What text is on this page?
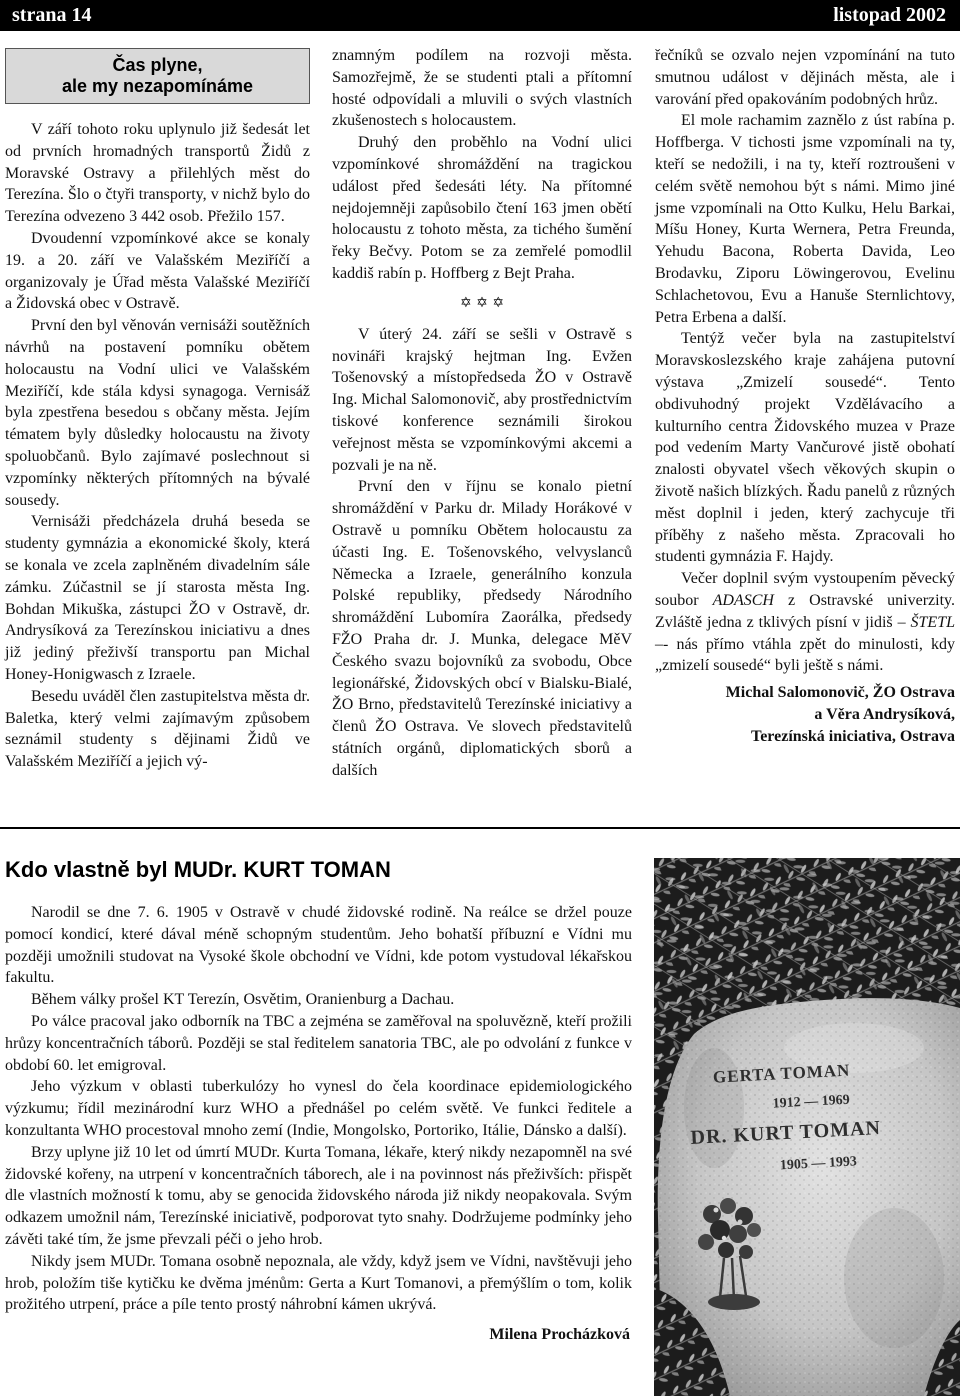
strana 14	listopad 2002
Čas plyne,
ale my nezapomínáme

V září tohoto roku uplynulo již šedesát let od prvních hromadných transportů Židů z Moravské Ostravy a přilehlých měst do Terezína. Šlo o čtyři transporty, v nichž bylo do Terezína odvezeno 3 442 osob. Přežilo 157.

Dvoudenní vzpomínkové akce se konaly 19. a 20. září ve Valašském Meziříčí a organizovaly je Úřad města Valašské Meziříčí a Židovská obec v Ostravě.

První den byl věnován vernisáži soutěžních návrhů na postavení pomníku obětem holocaustu na Vodní ulici ve Valašském Meziříčí, kde stála kdysi synagoga. Vernisáž byla zpestřena besedou s občany města. Jejím tématem byly důsledky holocaustu na životy spoluobčanů. Bylo zajímavé poslechnout si vzpomínky některých přítomných na bývalé sousedy.

Vernisáži předcházela druhá beseda se studenty gymnázia a ekonomické školy, která se konala ve zcela zaplněném divadelním sále zámku. Zúčastnil se jí starosta města Ing. Bohdan Mikuška, zástupci ŽO v Ostravě, dr. Andrysíková za Terezínskou iniciativu a dnes již jediný přeživší transportu pan Michal Honey-Honigwasch z Izraele.

Besedu uváděl člen zastupitelstva města dr. Baletka, který velmi zajímavým způsobem seznámil studenty s dějinami Židů ve Valašském Meziříčí a jejich vý-

znamným podílem na rozvoji města. Samozřejmě, že se studenti ptali a přítomní hosté odpovídali a mluvili o svých vlastních zkušenostech s holocaustem.

Druhý den proběhlo na Vodní ulici vzpomínkové shromáždění na tragickou událost před šedesáti léty. Na přítomné nejdojemněji zapůsobilo čtení 163 jmen obětí holocaustu z tohoto města, za tichého šumění řeky Bečvy. Potom se za zemřelé pomodlil kaddiš rabín p. Hoffberg z Bejt Praha.

✡ ✡ ✡

V úterý 24. září se sešli v Ostravě s novináři krajský hejtman Ing. Evžen Tošenovský a místopředseda ŽO v Ostravě Ing. Michal Salomonovič, aby prostřednictvím tiskové konference seznámili širokou veřejnost města se vzpomínkovými akcemi a pozvali je na ně.

První den v říjnu se konalo pietní shromáždění v Parku dr. Milady Horákové v Ostravě u pomníku Obětem holocaustu za účasti Ing. E. Tošenovského, velvyslanců Německa a Izraele, generálního konzula Polské republiky, předsedy Národního shromáždění Lubomíra Zaorálka, předsedy FŽO Praha dr. J. Munka, delegace MěV Českého svazu bojovníků za svobodu, Obce legionářské, Židovských obcí v Bialsku-Bialé, ŽO Brno, představitelů Terezínské iniciativy a členů ŽO Ostrava. Ve slovech představitelů státních orgánů, diplomatických sborů a dalších

řečníků se ozvalo nejen vzpomínání na tuto smutnou událost v dějinách města, ale i varování před opakováním podobných hrůz.

El mole rachamim zaznělo z úst rabína p. Hoffberga. V tichosti jsme vzpomínali na ty, kteří se nedožili, i na ty, kteří roztroušeni v celém světě nemohou být s námi. Mimo jiné jsme vzpomínali na Otto Kulku, Helu Barkai, Míšu Honey, Kurta Wernera, Petra Freunda, Yehudu Bacona, Roberta Davida, Leo Brodavku, Ziporu Löwingerovou, Evelinu Schlachetovou, Evu a Hanuše Sternlichtovy, Petra Erbena a další.

Tentýž večer byla na zastupitelství Moravskoslezského kraje zahájena putovní výstava „Zmizelí sousedé“. Tento obdivuhodný projekt Vzdělávacího a kulturního centra Židovského muzea v Praze pod vedením Marty Vančurové jistě obohatí znalosti obyvatel všech věkových skupin o životě našich blízkých. Řadu panelů z různých měst doplnil i jeden, který zachycuje tři příběhy z našeho města. Zpracovali ho studenti gymnázia F. Hajdy.

Večer doplnil svým vystoupením pěvecký soubor ADASCH z Ostravské univerzity. Zvláště jedna z tklivých písní v jidiš – ŠTETL –- nás přímo vtáhla zpět do minulosti, kdy „zmizelí sousedé“ byli ještě s námi.

Michal Salomonovič, ŽO Ostrava
a Věra Andrysíková,
Terezínská iniciativa, Ostrava
Kdo vlastně byl MUDr. KURT TOMAN

Narodil se dne 7. 6. 1905 v Ostravě v chudé židovské rodině. Na reálce se držel pouze pomocí kondicí, které dával méně schopným studentům. Jeho bohatší příbuzní e Vídni mu později umožnili studovat na Vysoké škole obchodní ve Vídni, kde potom vystudoval lékařskou fakultu.

Během války prošel KT Terezín, Osvětim, Oranienburg a Dachau.

Po válce pracoval jako odborník na TBC a zejména se zaměřoval na spoluvězně, kteří prožili hrůzy koncentračních táborů. Později se stal ředitelem sanatoria TBC, ale po odvolání z funkce v období 60. let emigroval.

Jeho výzkum v oblasti tuberkulózy ho vynesl do čela koordinace epidemiologického výzkumu; řídil mezinárodní kurz WHO a přednášel po celém světě. Ve funkci ředitele a konzultanta WHO procestoval mnoho zemí (Indie, Mongolsko, Portoriko, Itálie, Dánsko a další).

Brzy uplyne již 10 let od úmrtí MUDr. Kurta Tomana, lékaře, který nikdy nezapomněl na své židovské kořeny, na utrpení v koncentračních táborech, ale i na povinnost nás přeživších: přispět dle vlastních možností k tomu, aby se genocida židovského národa již nikdy neopakovala. Svým odkazem umožnil nám, Terezínské iniciativě, podporovat tyto snahy. Dodržujeme podmínky jeho závěti také tím, že jsme převzali péči o jeho hrob.

Nikdy jsem MUDr. Tomana osobně nepoznala, ale vždy, když jsem ve Vídni, navštěvuji jeho hrob, položím tiše kytičku ke dvěma jménům: Gerta a Kurt Tomanovi, a přemýšlím o tom, kolik prožitého utrpení, práce a píle tento prostý náhrobní kámen ukrývá.

Milena Procházková
GERTA TOMAN
1912 — 1969
DR. KURT TOMAN
1905 — 1993
